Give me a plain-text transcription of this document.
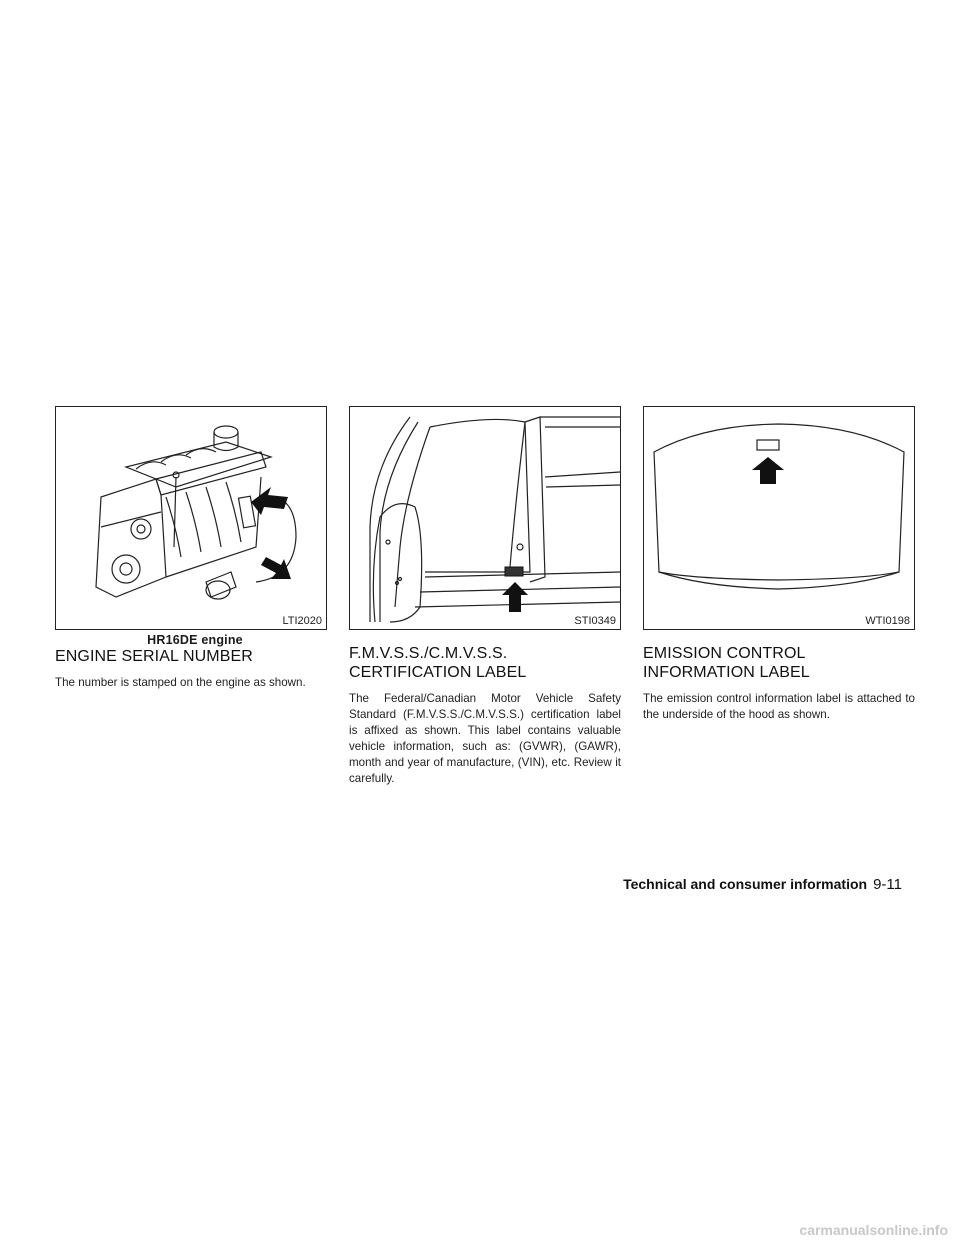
LTI2020
HR16DE engine
ENGINE SERIAL NUMBER
The number is stamped on the engine as shown.
STI0349
F.M.V.S.S./C.M.V.S.S. CERTIFICATION LABEL
The Federal/Canadian Motor Vehicle Safety Standard (F.M.V.S.S./C.M.V.S.S.) certification label is affixed as shown. This label contains valuable vehicle information, such as: (GVWR), (GAWR), month and year of manufacture, (VIN), etc. Review it carefully.
WTI0198
EMISSION CONTROL INFORMATION LABEL
The emission control information label is attached to the underside of the hood as shown.
Technical and consumer information 9-11
carmanualsonline.info
